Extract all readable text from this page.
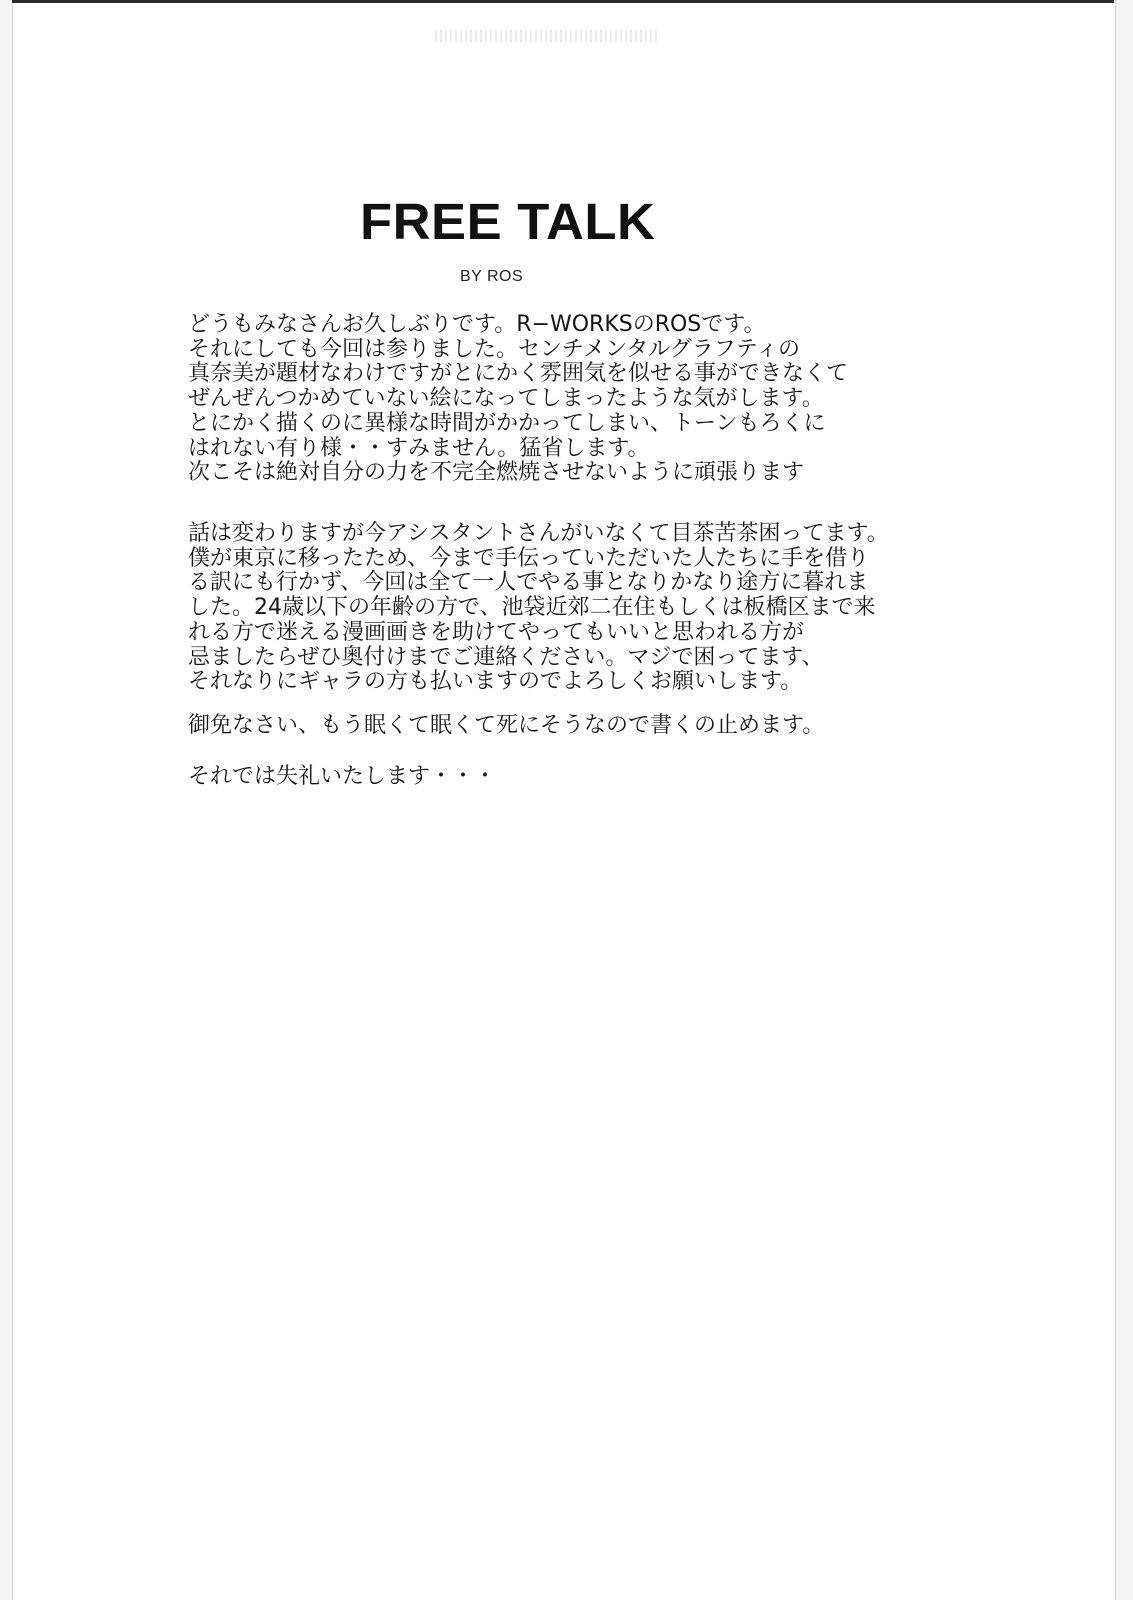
FREE TALK

BY ROS

どうもみなさんお久しぶりです。R−WORKSのROSです。
それにしても今回は参りました。センチメンタルグラフティの
真奈美が題材なわけですがとにかく雰囲気を似せる事ができなくて
ぜんぜんつかめていない絵になってしまったような気がします。
とにかく描くのに異様な時間がかかってしまい、トーンもろくに
はれない有り様・・すみません。猛省します。
次こそは絶対自分の力を不完全燃焼させないように頑張ります
話は変わりますが今アシスタントさんがいなくて目茶苦茶困ってます。
僕が東京に移ったため、今まで手伝っていただいた人たちに手を借り
る訳にも行かず、今回は全て一人でやる事となりかなり途方に暮れま
した。24歳以下の年齢の方で、池袋近郊二在住もしくは板橋区まで来
れる方で迷える漫画画きを助けてやってもいいと思われる方が
忌ましたらぜひ奥付けまでご連絡ください。マジで困ってます、
それなりにギャラの方も払いますのでよろしくお願いします。
御免なさい、もう眠くて眠くて死にそうなので書くの止めます。
それでは失礼いたします・・・
